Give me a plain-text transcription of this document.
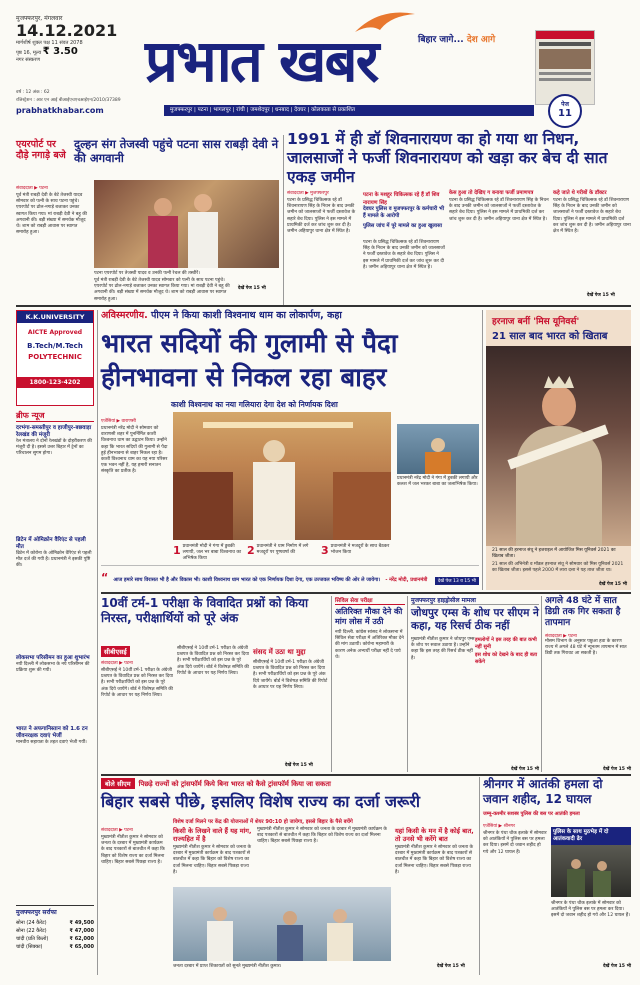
मुजफ्फरपुर, मंगलवार
14.12.2021
मार्गशीर्ष शुक्ल पक्ष 11 संवत 2078
पृष्ठ 16, मूल्य ₹ 3.50
नगर संस्करण
वर्ष : 12 अंक : 62
रजिस्ट्रेशन : आर एन आई बीआईएचएचआईएन/2010/37389
प्रभात खबर	बिहार जागे... देश आगे
पेज
11
prabhatkhabar.com	मुजफ्फरपुर | पटना | भागलपुर | रांची | जमशेदपुर | धनबाद | देवघर | कोलकाता से प्रकाशित
एयरपोर्ट पर दौड़े नगाड़े बजे
दुल्हन संग तेजस्वी पहुंचे पटना सास राबड़ी देवी ने की अगवानी
संवाददाता ▶ पटना
पूर्व मंत्री राबड़ी देवी के बेटे तेजस्वी यादव सोमवार को पत्नी के साथ पटना पहुंचे। एयरपोर्ट पर ढोल-नगाड़े बजाकर उनका स्वागत किया गया। मां राबड़ी देवी ने बहू की अगवानी की। बड़ी संख्या में समर्थक मौजूद थे। शाम को राबड़ी आवास पर स्वागत समारोह हुआ।
पटना एयरपोर्ट पर तेजस्वी यादव व उनकी पत्नी रेचल की तस्वीरें।
पूर्व मंत्री राबड़ी देवी के बेटे तेजस्वी यादव सोमवार को पत्नी के साथ पटना पहुंचे। एयरपोर्ट पर ढोल-नगाड़े बजाकर उनका स्वागत किया गया। मां राबड़ी देवी ने बहू की अगवानी की। बड़ी संख्या में समर्थक मौजूद थे। शाम को राबड़ी आवास पर स्वागत समारोह हुआ।
देखें पेज 15 भी
1991 में ही डॉ शिवनारायण का हो गया था निधन, जालसाजों ने फर्जी शिवनारायण को खड़ा कर बेच दी सात एकड़ जमीन
संवाददाता ▶ मुजफ्फरपुर
पटना के प्रसिद्ध चिकित्सक रहे डॉ शिवनारायण सिंह के निधन के बाद उनकी जमीन को जालसाजों ने फर्जी दस्तावेज के सहारे बेच दिया। पुलिस ने इस मामले में प्राथमिकी दर्ज कर जांच शुरू कर दी है। जमीन अहियापुर थाना क्षेत्र में स्थित है।
पटना के मशहूर चिकित्सक रहे हैं डॉ शिव नारायण सिंह
देवघर पुलिस व मुजफ्फरपुर के कर्मचारी भी हैं मामले के आरोपी
पुलिस जांच में पूरे मामले का हुआ खुलासा
पटना के प्रसिद्ध चिकित्सक रहे डॉ शिवनारायण सिंह के निधन के बाद उनकी जमीन को जालसाजों ने फर्जी दस्तावेज के सहारे बेच दिया। पुलिस ने इस मामले में प्राथमिकी दर्ज कर जांच शुरू कर दी है। जमीन अहियापुर थाना क्षेत्र में स्थित है।
केस हुआ तो देखिए ग बनाया फर्जी प्रमाणपत्र
पटना के प्रसिद्ध चिकित्सक रहे डॉ शिवनारायण सिंह के निधन के बाद उनकी जमीन को जालसाजों ने फर्जी दस्तावेज के सहारे बेच दिया। पुलिस ने इस मामले में प्राथमिकी दर्ज कर जांच शुरू कर दी है। जमीन अहियापुर थाना क्षेत्र में स्थित है।
कहे जाते थे गरीबों के डॉक्टर
पटना के प्रसिद्ध चिकित्सक रहे डॉ शिवनारायण सिंह के निधन के बाद उनकी जमीन को जालसाजों ने फर्जी दस्तावेज के सहारे बेच दिया। पुलिस ने इस मामले में प्राथमिकी दर्ज कर जांच शुरू कर दी है। जमीन अहियापुर थाना क्षेत्र में स्थित है।
देखें पेज 15 भी
K.K.UNIVERSITY
AICTE Approved
B.Tech/M.Tech
POLYTECHNIC
1800-123-4202
ब्रीफ न्यूज
दरभंगा-समस्तीपुर व हाजीपुर-बछवाड़ा रेलखंड की मंजूरी
रेल मंत्रालय ने दोनों रेलखंडों के दोहरीकरण की मंजूरी दी है। इससे उत्तर बिहार में ट्रेनों का परिचालन सुगम होगा।
ब्रिटेन में ओमिक्रोन वैरिएंट से पहली मौत
ब्रिटेन में कोरोना के ओमिक्रोन वैरिएंट से पहली मौत दर्ज की गयी है। प्रधानमंत्री ने इसकी पुष्टि की।
लोकसभा परिसीमन का हुआ शुभारंभ
नयी दिल्ली में लोकसभा के नये परिसीमन की प्रक्रिया शुरू की गयी।
भारत ने अफगानिस्तान को 1.6 टन जीवनरक्षक दवाएं भेजीं
मानवीय सहायता के तहत दवाएं भेजी गयीं।
मुजफ्फरपुर सर्राफा
सोना (24 कैरेट)	₹ 49,500
सोना (22 कैरेट)	₹ 47,000
चांदी (प्रति किलो)	₹ 62,000
चांदी (सिक्का)	₹ 65,000
अविस्मरणीय. पीएम ने किया काशी विश्वनाथ धाम का लोकार्पण, कहा
भारत सदियों की गुलामी से पैदा
हीनभावना से निकल रहा बाहर
काशी विश्वनाथ का नया गलियारा देगा देश को निर्णायक दिशा
एजेंसियां ▶ वाराणसी
प्रधानमंत्री नरेंद्र मोदी ने सोमवार को वाराणसी शहर में पुनर्निर्मित काशी विश्वनाथ धाम का उद्घाटन किया। उन्होंने कहा कि भारत सदियों की गुलामी से पैदा हुई हीनभावना से बाहर निकल रहा है। काशी विश्वनाथ धाम का यह नया परिसर एक भवन नहीं है, यह हमारी सनातन संस्कृति का प्रतीक है।
प्रधानमंत्री नरेंद्र मोदी ने गंगा में डुबकी लगायी और कलश में जल भरकर बाबा का जलाभिषेक किया।
1 प्रधानमंत्री मोदी ने गंगा में डुबकी लगायी, जल भर बाबा विश्वनाथ का अभिषेक किया
2 प्रधानमंत्री ने धाम निर्माण में लगे मजदूरों पर पुष्पवर्षा की	3 प्रधानमंत्री ने मजदूरों के साथ बैठकर भोजन किया
“ आज हमारे साथ विरासत भी है और विकास भी। काशी विश्वनाथ धाम भारत को एक निर्णायक दिशा देगा, एक उज्जवल भविष्य की ओर ले जायेगा। - नरेंद्र मोदी, प्रधानमंत्री	देखें पेज 13 व 15 भी
हरनाज बनीं 'मिस यूनिवर्स'
21 साल बाद भारत को खिताब
21 साल की हरनाज संधू ने इजराइल में आयोजित मिस यूनिवर्स 2021 का खिताब जीता।
21 साल की अभिनेत्री व मॉडल हरनाज संधू ने सोमवार को मिस यूनिवर्स 2021 का खिताब जीता। इससे पहले 2000 में लारा दत्ता ने यह ताज जीता था।
देखें पेज 15 भी
10वीं टर्म-1 परीक्षा के विवादित प्रश्नों को किया निरस्त, परीक्षार्थियों को पूरे अंक
सीबीएसई
संवाददाता ▶ पटना
सीबीएसई ने 10वीं टर्म-1 परीक्षा के अंग्रेजी प्रश्नपत्र के विवादित प्रश्न को निरस्त कर दिया है। सभी परीक्षार्थियों को इस प्रश्न के पूरे अंक दिये जायेंगे। बोर्ड ने विशेषज्ञ समिति की रिपोर्ट के आधार पर यह निर्णय लिया।
सीबीएसई ने 10वीं टर्म-1 परीक्षा के अंग्रेजी प्रश्नपत्र के विवादित प्रश्न को निरस्त कर दिया है। सभी परीक्षार्थियों को इस प्रश्न के पूरे अंक दिये जायेंगे। बोर्ड ने विशेषज्ञ समिति की रिपोर्ट के आधार पर यह निर्णय लिया।
संसद में उठा था मुद्दा
सीबीएसई ने 10वीं टर्म-1 परीक्षा के अंग्रेजी प्रश्नपत्र के विवादित प्रश्न को निरस्त कर दिया है। सभी परीक्षार्थियों को इस प्रश्न के पूरे अंक दिये जायेंगे। बोर्ड ने विशेषज्ञ समिति की रिपोर्ट के आधार पर यह निर्णय लिया।
देखें पेज 15 भी
सिविल सेवा परीक्षा
अतिरिक्त मौका देने की मांग लोस में उठी
नयी दिल्ली. कांग्रेस सांसद ने लोकसभा में सिविल सेवा परीक्षा में अतिरिक्त मौका देने की मांग उठायी। कोरोना महामारी के कारण अनेक अभ्यर्थी परीक्षा नहीं दे पाये थे।
मुजफ्फरपुर हाइड्रोसील मामला
जोधपुर एम्स के शोध पर सीएम ने कहा, यह रिसर्च ठीक नहीं
हमलोगों ने इस तरह की बात कभी नहीं सुनी
इस शोध को देखने के बाद ही बता सकेंगे
मुख्यमंत्री नीतीश कुमार ने जोधपुर एम्स के शोध पर सवाल उठाया है। उन्होंने कहा कि इस तरह की रिसर्च ठीक नहीं है।
देखें पेज 15 भी
अगले 48 घंटे में सात डिग्री तक गिर सकता है तापमान
संवाददाता ▶ पटना
मौसम विभाग के अनुसार पछुआ हवा के कारण राज्य में अगले 48 घंटे में न्यूनतम तापमान में सात डिग्री तक गिरावट आ सकती है।
देखें पेज 15 भी
बोले सीएम	पिछड़े राज्यों को ट्रांसफॉर्म किये बिना भारत को कैसे ट्रांसफॉर्म किया जा सकता
बिहार सबसे पीछे, इसलिए विशेष राज्य का दर्जा जरूरी
विशेष दर्जा मिलने पर केंद्र की योजनाओं में शेयर 90:10 हो जायेगा, इससे बिहार के पैसे बचेंगे
संवाददाता ▶ पटना
मुख्यमंत्री नीतीश कुमार ने सोमवार को जनता के दरबार में मुख्यमंत्री कार्यक्रम के बाद पत्रकारों से बातचीत में कहा कि बिहार को विशेष राज्य का दर्जा मिलना चाहिए। बिहार सबसे पिछड़ा राज्य है।
किसी के लिखने वाले हैं यह मांग, राज्यहित में है
मुख्यमंत्री नीतीश कुमार ने सोमवार को जनता के दरबार में मुख्यमंत्री कार्यक्रम के बाद पत्रकारों से बातचीत में कहा कि बिहार को विशेष राज्य का दर्जा मिलना चाहिए। बिहार सबसे पिछड़ा राज्य है।
जनता दरबार में प्राप्त शिकायतों को सुनते मुख्यमंत्री नीतीश कुमार।
मुख्यमंत्री नीतीश कुमार ने सोमवार को जनता के दरबार में मुख्यमंत्री कार्यक्रम के बाद पत्रकारों से बातचीत में कहा कि बिहार को विशेष राज्य का दर्जा मिलना चाहिए। बिहार सबसे पिछड़ा राज्य है।
यहां किसी के मन में है कोई बात, तो उनसे भी करेंगे बात
मुख्यमंत्री नीतीश कुमार ने सोमवार को जनता के दरबार में मुख्यमंत्री कार्यक्रम के बाद पत्रकारों से बातचीत में कहा कि बिहार को विशेष राज्य का दर्जा मिलना चाहिए। बिहार सबसे पिछड़ा राज्य है।
देखें पेज 15 भी
श्रीनगर में आतंकी हमला दो जवान शहीद, 12 घायल
जम्मू-कश्मीर सशस्त्र पुलिस की बस पर आतंकी हमला
एजेंसियां ▶ श्रीनगर
श्रीनगर के पंथा चौक इलाके में सोमवार को आतंकियों ने पुलिस बस पर हमला कर दिया। इसमें दो जवान शहीद हो गये और 12 घायल हैं।
पुलिस के साथ मुठभेड़ में दो आतंकवादी ढेर
श्रीनगर के पंथा चौक इलाके में सोमवार को आतंकियों ने पुलिस बस पर हमला कर दिया। इसमें दो जवान शहीद हो गये और 12 घायल हैं।
देखें पेज 15 भी
